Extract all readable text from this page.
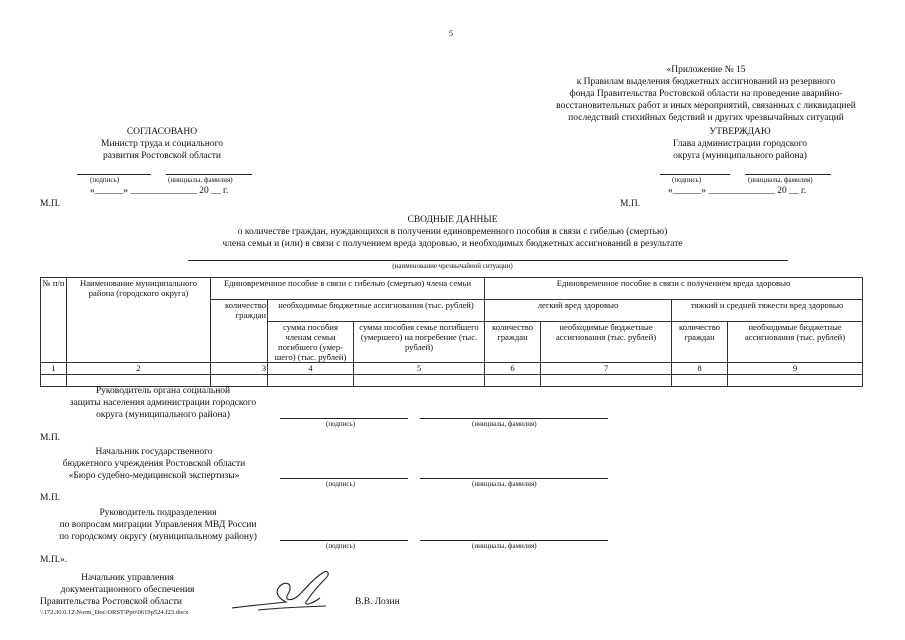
5
«Приложение № 15
к Правилам выделения бюджетных ассигнований из резервного
фонда Правительства Ростовской области на проведение аварийно-
восстановительных работ и иных мероприятий, связанных с ликвидацией
последствий стихийных бедствий и других чрезвычайных ситуаций
СОГЛАСОВАНО
Министр труда и социального
развития Ростовской области
(подпись)	(инициалы, фамилия)
«______» ______________ 20 __ г.
М.П.
УТВЕРЖДАЮ
Глава администрации городского
округа (муниципального района)
(подпись)	(инициалы, фамилия)
«______» ______________ 20 __ г.
М.П.
СВОДНЫЕ ДАННЫЕ
о количестве граждан, нуждающихся в получении единовременного пособия в связи с гибелью (смертью)
члена семьи и (или) в связи с получением вреда здоровью, и необходимых бюджетных ассигнований в результате
(наименование чрезвычайной ситуации)
№ п/п	Наименование муниципального района (городского округа)	Единовременное пособие в связи с гибелью (смертью) члена семьи			Единовременное пособие в связи с получением вреда здоровью			
		количество граждан	необходимые бюджетные ассигнования (тыс. рублей)		легкий вред здоровью		тяжкий и средней тяжести вред здоровью	
			сумма пособия членам семьи погибшего (умер-шего) (тыс. рублей)	сумма пособия семье погибшего (умершего) на погребение (тыс. рублей)	количество граждан	необходимые бюджетные ассигнования (тыс. рублей)	количество граждан	необходимые бюджетные ассигнования (тыс. рублей)
1	2	3	4	5	6	7	8	9

Руководитель органа социальной
защиты населения администрации городского
округа (муниципального района)
(подпись)	(инициалы, фамилия)
М.П.
Начальник государственного
бюджетного учреждения Ростовской области
«Бюро судебно-медицинской экспертизы»
(подпись)	(инициалы, фамилия)
М.П.
Руководитель подразделения
по вопросам миграции Управления МВД России
по городскому округу (муниципальному району)
(подпись)	(инициалы, фамилия)
М.П.».
Начальник управления
документационного обеспечения
Правительства Ростовской области	В.В. Лозин
\\172.30.0.12\Norm_Doc\ORST\Ppo\0619p524.f23.docx
